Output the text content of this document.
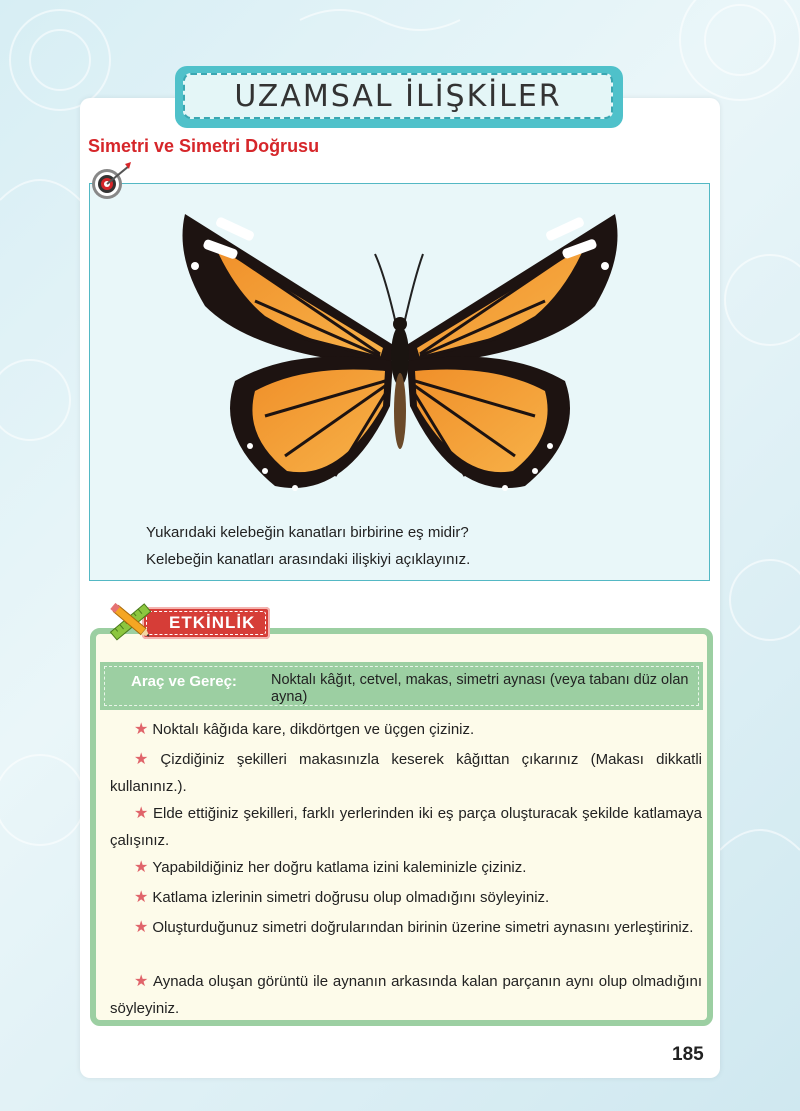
UZAMSAL İLİŞKİLER
Simetri ve Simetri Doğrusu
Yukarıdaki kelebeğin kanatları birbirine eş midir?
Kelebeğin kanatları arasındaki ilişkiyi açıklayınız.
Araç ve Gereç: Noktalı kâğıt, cetvel, makas, simetri aynası (veya tabanı düz olan ayna)
★ Noktalı kâğıda kare, dikdörtgen ve üçgen çiziniz.
★ Çizdiğiniz şekilleri makasınızla keserek kâğıttan çıkarınız (Makası dikkatli kullanınız.).
★ Elde ettiğiniz şekilleri, farklı yerlerinden iki eş parça oluşturacak şekilde katlamaya çalışınız.
★ Yapabildiğiniz her doğru katlama izini kaleminizle çiziniz.
★ Katlama izlerinin simetri doğrusu olup olmadığını söyleyiniz.
★ Oluşturduğunuz simetri doğrularından birinin üzerine simetri aynasını yerleştiriniz.
★ Aynada oluşan görüntü ile aynanın arkasında kalan parçanın aynı olup olmadığını söyleyiniz.
ETKİNLİK
185
